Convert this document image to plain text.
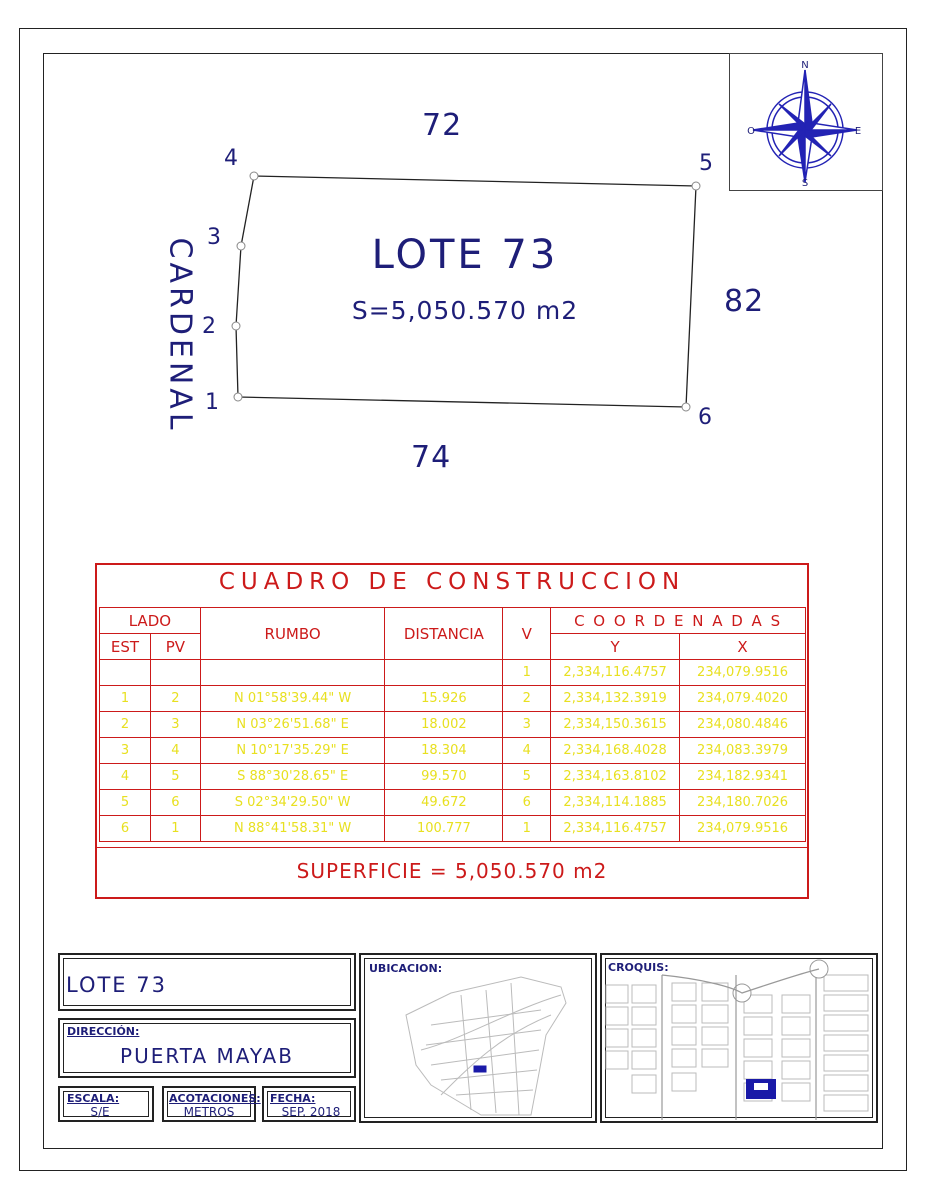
N
S
E
O
72
82
74
CARDENAL 1
2
3
4	5
6
LOTE 73
S=5,050.570 m2
CUADRO DE CONSTRUCCION
LADO		RUMBO	DISTANCIA	V	C O O R D E N A D A S	
EST	PV				Y	X
				1	2,334,116.4757	234,079.9516
1	2	N 01°58'39.44" W	15.926	2	2,334,132.3919	234,079.4020
2	3	N 03°26'51.68" E	18.002	3	2,334,150.3615	234,080.4846
3	4	N 10°17'35.29" E	18.304	4	2,334,168.4028	234,083.3979
4	5	S 88°30'28.65" E	99.570	5	2,334,163.8102	234,182.9341
5	6	S 02°34'29.50" W	49.672	6	2,334,114.1885	234,180.7026
6	1	N 88°41'58.31" W	100.777	1	2,334,116.4757	234,079.9516
SUPERFICIE = 5,050.570 m2
LOTE 73
DIRECCIÓN:
PUERTA MAYAB
ESCALA:
S/E
ACOTACIONES:
METROS
FECHA:
SEP. 2018
UBICACION:	CROQUIS:
